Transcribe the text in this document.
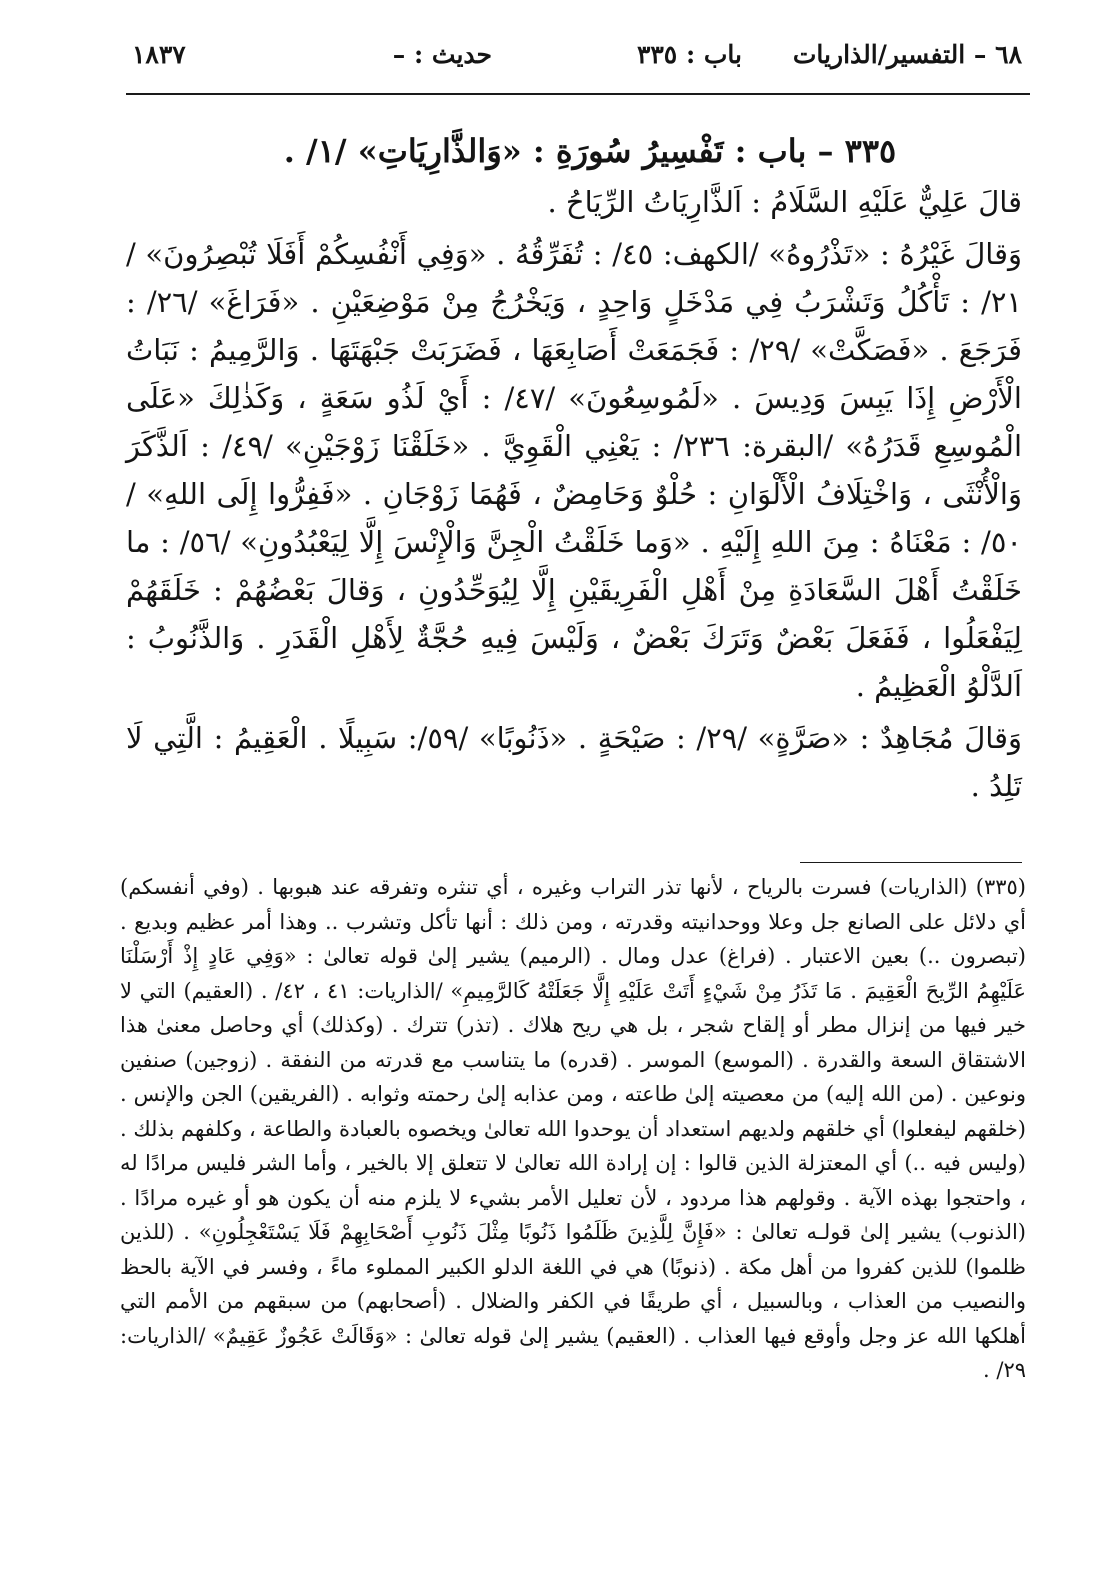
٦٨ – التفسير/الذاريات
باب : ٣٣٥
حديث : –
١٨٣٧
٣٣٥ – باب : تَفْسِيرُ سُورَةِ : «وَالذَّارِيَاتِ» /١/ .

قالَ عَلِيٌّ عَلَيْهِ السَّلَامُ : اَلذَّارِيَاتُ الرِّيَاحُ .

وَقالَ غَيْرُهُ : «تَذْرُوهُ» /الكهف: ٤٥/ : تُفَرِّقُهُ . «وَفِي أَنْفُسِكُمْ أَفَلَا تُبْصِرُونَ» /٢١/ : تَأْكُلُ وَتَشْرَبُ فِي مَدْخَلٍ وَاحِدٍ ، وَيَخْرُجُ مِنْ مَوْضِعَيْنِ . «فَرَاغَ» /٢٦/ : فَرَجَعَ . «فَصَكَّتْ» /٢٩/ : فَجَمَعَتْ أَصَابِعَهَا ، فَضَرَبَتْ جَبْهَتَهَا . وَالرَّمِيمُ : نَبَاتُ الْأَرْضِ إِذَا يَبِسَ وَدِيسَ . «لَمُوسِعُونَ» /٤٧/ : أَيْ لَذُو سَعَةٍ ، وَكَذٰلِكَ «عَلَى الْمُوسِعِ قَدَرُهُ» /البقرة: ٢٣٦/ : يَعْنِي الْقَوِيَّ . «خَلَقْنَا زَوْجَيْنِ» /٤٩/ : اَلذَّكَرَ وَالْأُنْثَى ، وَاخْتِلَافُ الْأَلْوَانِ : حُلْوٌ وَحَامِضٌ ، فَهُمَا زَوْجَانِ . «فَفِرُّوا إِلَى اللهِ» /٥٠/ : مَعْنَاهُ : مِنَ اللهِ إِلَيْهِ . «وَما خَلَقْتُ الْجِنَّ وَالْإِنْسَ إِلَّا لِيَعْبُدُونِ» /٥٦/ : ما خَلَقْتُ أَهْلَ السَّعَادَةِ مِنْ أَهْلِ الْفَرِيقَيْنِ إِلَّا لِيُوَحِّدُونِ ، وَقالَ بَعْضُهُمْ : خَلَقَهُمْ لِيَفْعَلُوا ، فَفَعَلَ بَعْضٌ وَتَرَكَ بَعْضٌ ، وَلَيْسَ فِيهِ حُجَّةٌ لِأَهْلِ الْقَدَرِ . وَالذَّنُوبُ : اَلدَّلْوُ الْعَظِيمُ .

وَقالَ مُجَاهِدٌ : «صَرَّةٍ» /٢٩/ : صَيْحَةٍ . «ذَنُوبًا» /٥٩/: سَبِيلًا . الْعَقِيمُ : الَّتِي لَا تَلِدُ .

(٣٣٥) (الذاريات) فسرت بالرياح ، لأنها تذر التراب وغيره ، أي تنثره وتفرقه عند هبوبها . (وفي أنفسكم) أي دلائل على الصانع جل وعلا ووحدانيته وقدرته ، ومن ذلك : أنها تأكل وتشرب .. وهذا أمر عظيم وبديع . (تبصرون ..) بعين الاعتبار . (فراغ) عدل ومال . (الرميم) يشير إلىٰ قوله تعالىٰ : «وَفِي عَادٍ إِذْ أَرْسَلْنَا عَلَيْهِمُ الرِّيحَ الْعَقِيمَ . مَا تَذَرُ مِنْ شَيْءٍ أَتَتْ عَلَيْهِ إِلَّا جَعَلَتْهُ كَالرَّمِيمِ» /الذاريات: ٤١ ، ٤٢/ . (العقيم) التي لا خير فيها من إنزال مطر أو إلقاح شجر ، بل هي ريح هلاك . (تذر) تترك . (وكذلك) أي وحاصل معنىٰ هذا الاشتقاق السعة والقدرة . (الموسع) الموسر . (قدره) ما يتناسب مع قدرته من النفقة . (زوجين) صنفين ونوعين . (من الله إليه) من معصيته إلىٰ طاعته ، ومن عذابه إلىٰ رحمته وثوابه . (الفريقين) الجن والإنس . (خلقهم ليفعلوا) أي خلقهم ولديهم استعداد أن يوحدوا الله تعالىٰ ويخصوه بالعبادة والطاعة ، وكلفهم بذلك . (وليس فيه ..) أي المعتزلة الذين قالوا : إن إرادة الله تعالىٰ لا تتعلق إلا بالخير ، وأما الشر فليس مرادًا له ، واحتجوا بهذه الآية . وقولهم هذا مردود ، لأن تعليل الأمر بشيء لا يلزم منه أن يكون هو أو غيره مرادًا . (الذنوب) يشير إلىٰ قولـه تعالىٰ : «فَإِنَّ لِلَّذِينَ ظَلَمُوا ذَنُوبًا مِثْلَ ذَنُوبِ أَصْحَابِهِمْ فَلَا يَسْتَعْجِلُونِ» . (للذين ظلموا) للذين كفروا من أهل مكة . (ذنوبًا) هي في اللغة الدلو الكبير المملوء ماءً ، وفسر في الآية بالحظ والنصيب من العذاب ، وبالسبيل ، أي طريقًا في الكفر والضلال . (أصحابهم) من سبقهم من الأمم التي أهلكها الله عز وجل وأوقع فيها العذاب . (العقيم) يشير إلىٰ قوله تعالىٰ : «وَقَالَتْ عَجُوزٌ عَقِيمٌ» /الذاريات: ٢٩/ .
